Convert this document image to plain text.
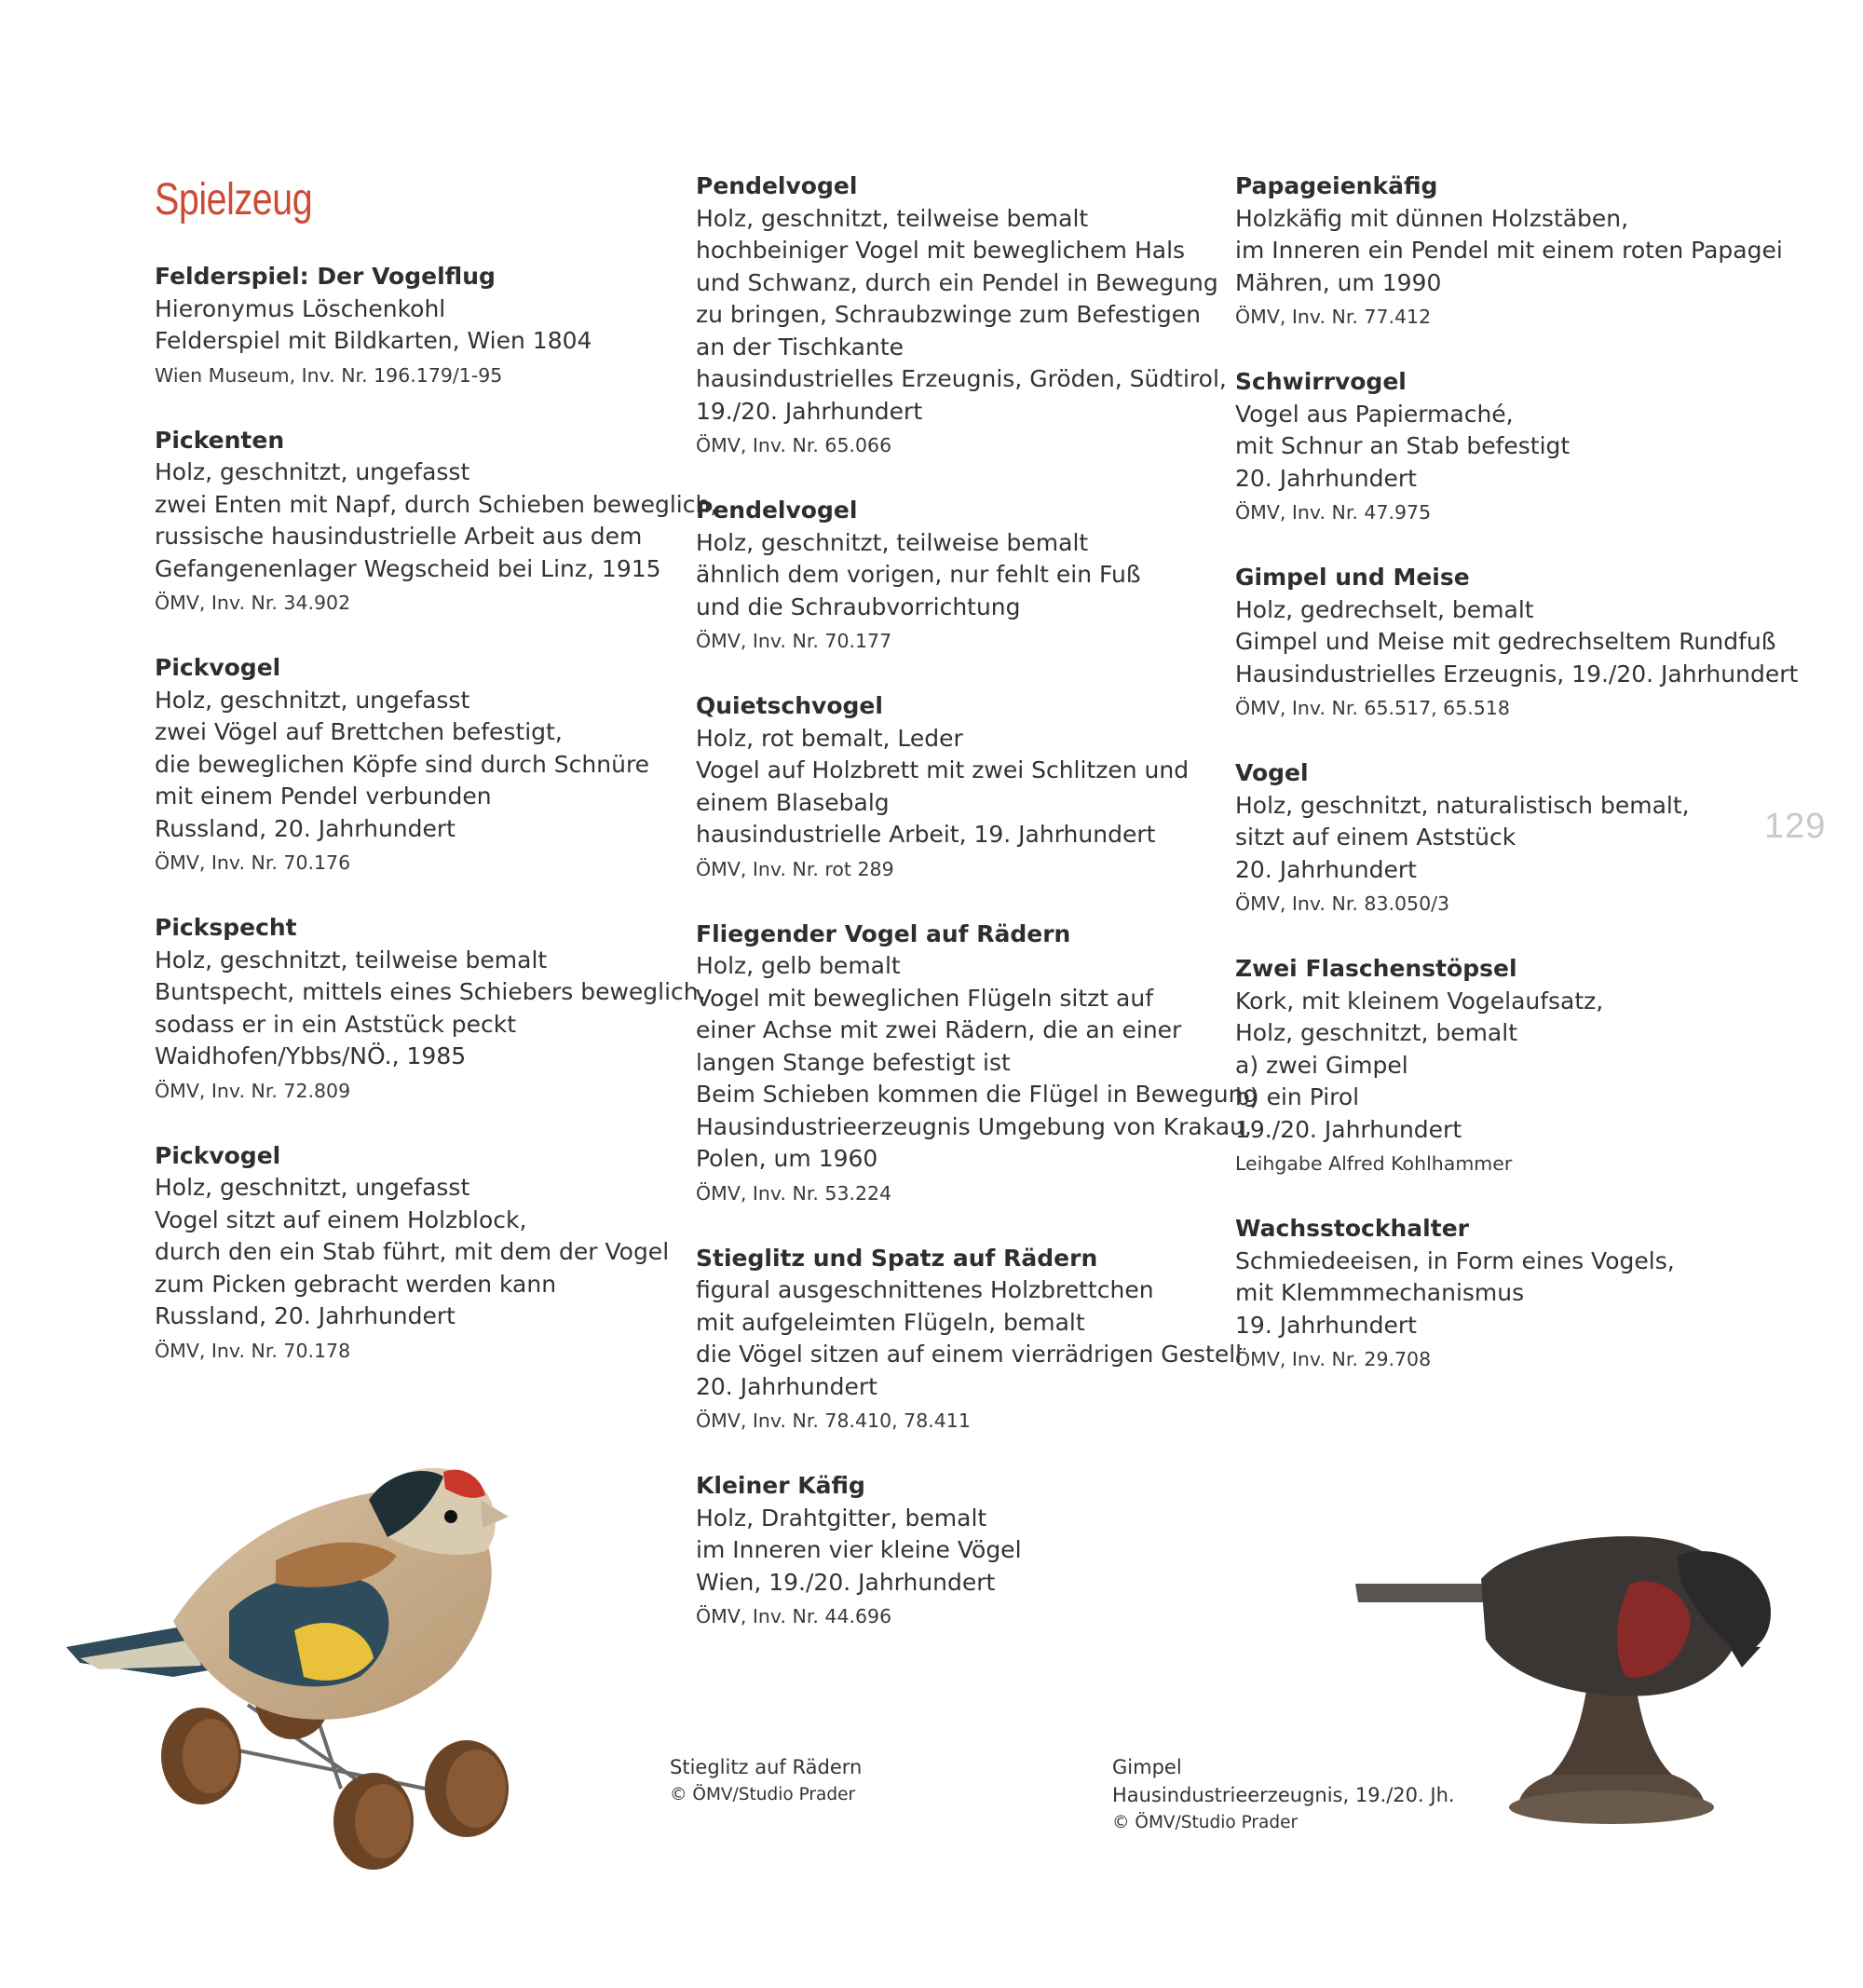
Spielzeug
Felderspiel: Der Vogelflug
Hieronymus Löschenkohl
Felderspiel mit Bildkarten, Wien 1804
Wien Museum, Inv. Nr. 196.179/1-95
Pickenten
Holz, geschnitzt, ungefasst
zwei Enten mit Napf, durch Schieben beweglich,
russische hausindustrielle Arbeit aus dem
Gefangenenlager Wegscheid bei Linz, 1915
ÖMV, Inv. Nr. 34.902
Pickvogel
Holz, geschnitzt, ungefasst
zwei Vögel auf Brettchen befestigt,
die beweglichen Köpfe sind durch Schnüre
mit einem Pendel verbunden
Russland, 20. Jahrhundert
ÖMV, Inv. Nr. 70.176
Pickspecht
Holz, geschnitzt, teilweise bemalt
Buntspecht, mittels eines Schiebers beweglich,
sodass er in ein Aststück peckt
Waidhofen/Ybbs/NÖ., 1985
ÖMV, Inv. Nr. 72.809
Pickvogel
Holz, geschnitzt, ungefasst
Vogel sitzt auf einem Holzblock,
durch den ein Stab führt, mit dem der Vogel
zum Picken gebracht werden kann
Russland, 20. Jahrhundert
ÖMV, Inv. Nr. 70.178
Pendelvogel
Holz, geschnitzt, teilweise bemalt
hochbeiniger Vogel mit beweglichem Hals
und Schwanz, durch ein Pendel in Bewegung
zu bringen, Schraubzwinge zum Befestigen
an der Tischkante
hausindustrielles Erzeugnis, Gröden, Südtirol,
19./20. Jahrhundert
ÖMV, Inv. Nr. 65.066
Pendelvogel
Holz, geschnitzt, teilweise bemalt
ähnlich dem vorigen, nur fehlt ein Fuß
und die Schraubvorrichtung
ÖMV, Inv. Nr. 70.177
Quietschvogel
Holz, rot bemalt, Leder
Vogel auf Holzbrett mit zwei Schlitzen und
einem Blasebalg
hausindustrielle Arbeit, 19. Jahrhundert
ÖMV, Inv. Nr. rot 289
Fliegender Vogel auf Rädern
Holz, gelb bemalt
Vogel mit beweglichen Flügeln sitzt auf
einer Achse mit zwei Rädern, die an einer
langen Stange befestigt ist
Beim Schieben kommen die Flügel in Bewegung
Hausindustrieerzeugnis Umgebung von Krakau,
Polen, um 1960
ÖMV, Inv. Nr. 53.224
Stieglitz und Spatz auf Rädern
figural ausgeschnittenes Holzbrettchen
mit aufgeleimten Flügeln, bemalt
die Vögel sitzen auf einem vierrädrigen Gestell
20. Jahrhundert
ÖMV, Inv. Nr. 78.410, 78.411
Kleiner Käfig
Holz, Drahtgitter, bemalt
im Inneren vier kleine Vögel
Wien, 19./20. Jahrhundert
ÖMV, Inv. Nr. 44.696
Papageienkäfig
Holzkäfig mit dünnen Holzstäben,
im Inneren ein Pendel mit einem roten Papagei
Mähren, um 1990
ÖMV, Inv. Nr. 77.412
Schwirrvogel
Vogel aus Papiermaché,
mit Schnur an Stab befestigt
20. Jahrhundert
ÖMV, Inv. Nr. 47.975
Gimpel und Meise
Holz, gedrechselt, bemalt
Gimpel und Meise mit gedrechseltem Rundfuß
Hausindustrielles Erzeugnis, 19./20. Jahrhundert
ÖMV, Inv. Nr. 65.517, 65.518
Vogel
Holz, geschnitzt, naturalistisch bemalt,
sitzt auf einem Aststück
20. Jahrhundert
ÖMV, Inv. Nr. 83.050/3
Zwei Flaschenstöpsel
Kork, mit kleinem Vogelaufsatz,
Holz, geschnitzt, bemalt
a) zwei Gimpel
b) ein Pirol
19./20. Jahrhundert
Leihgabe Alfred Kohlhammer
Wachsstockhalter
Schmiedeeisen, in Form eines Vogels,
mit Klemmmechanismus
19. Jahrhundert
ÖMV, Inv. Nr. 29.708
129
Stieglitz auf Rädern
© ÖMV/Studio Prader
Gimpel
Hausindustrieerzeugnis, 19./20. Jh.
© ÖMV/Studio Prader
